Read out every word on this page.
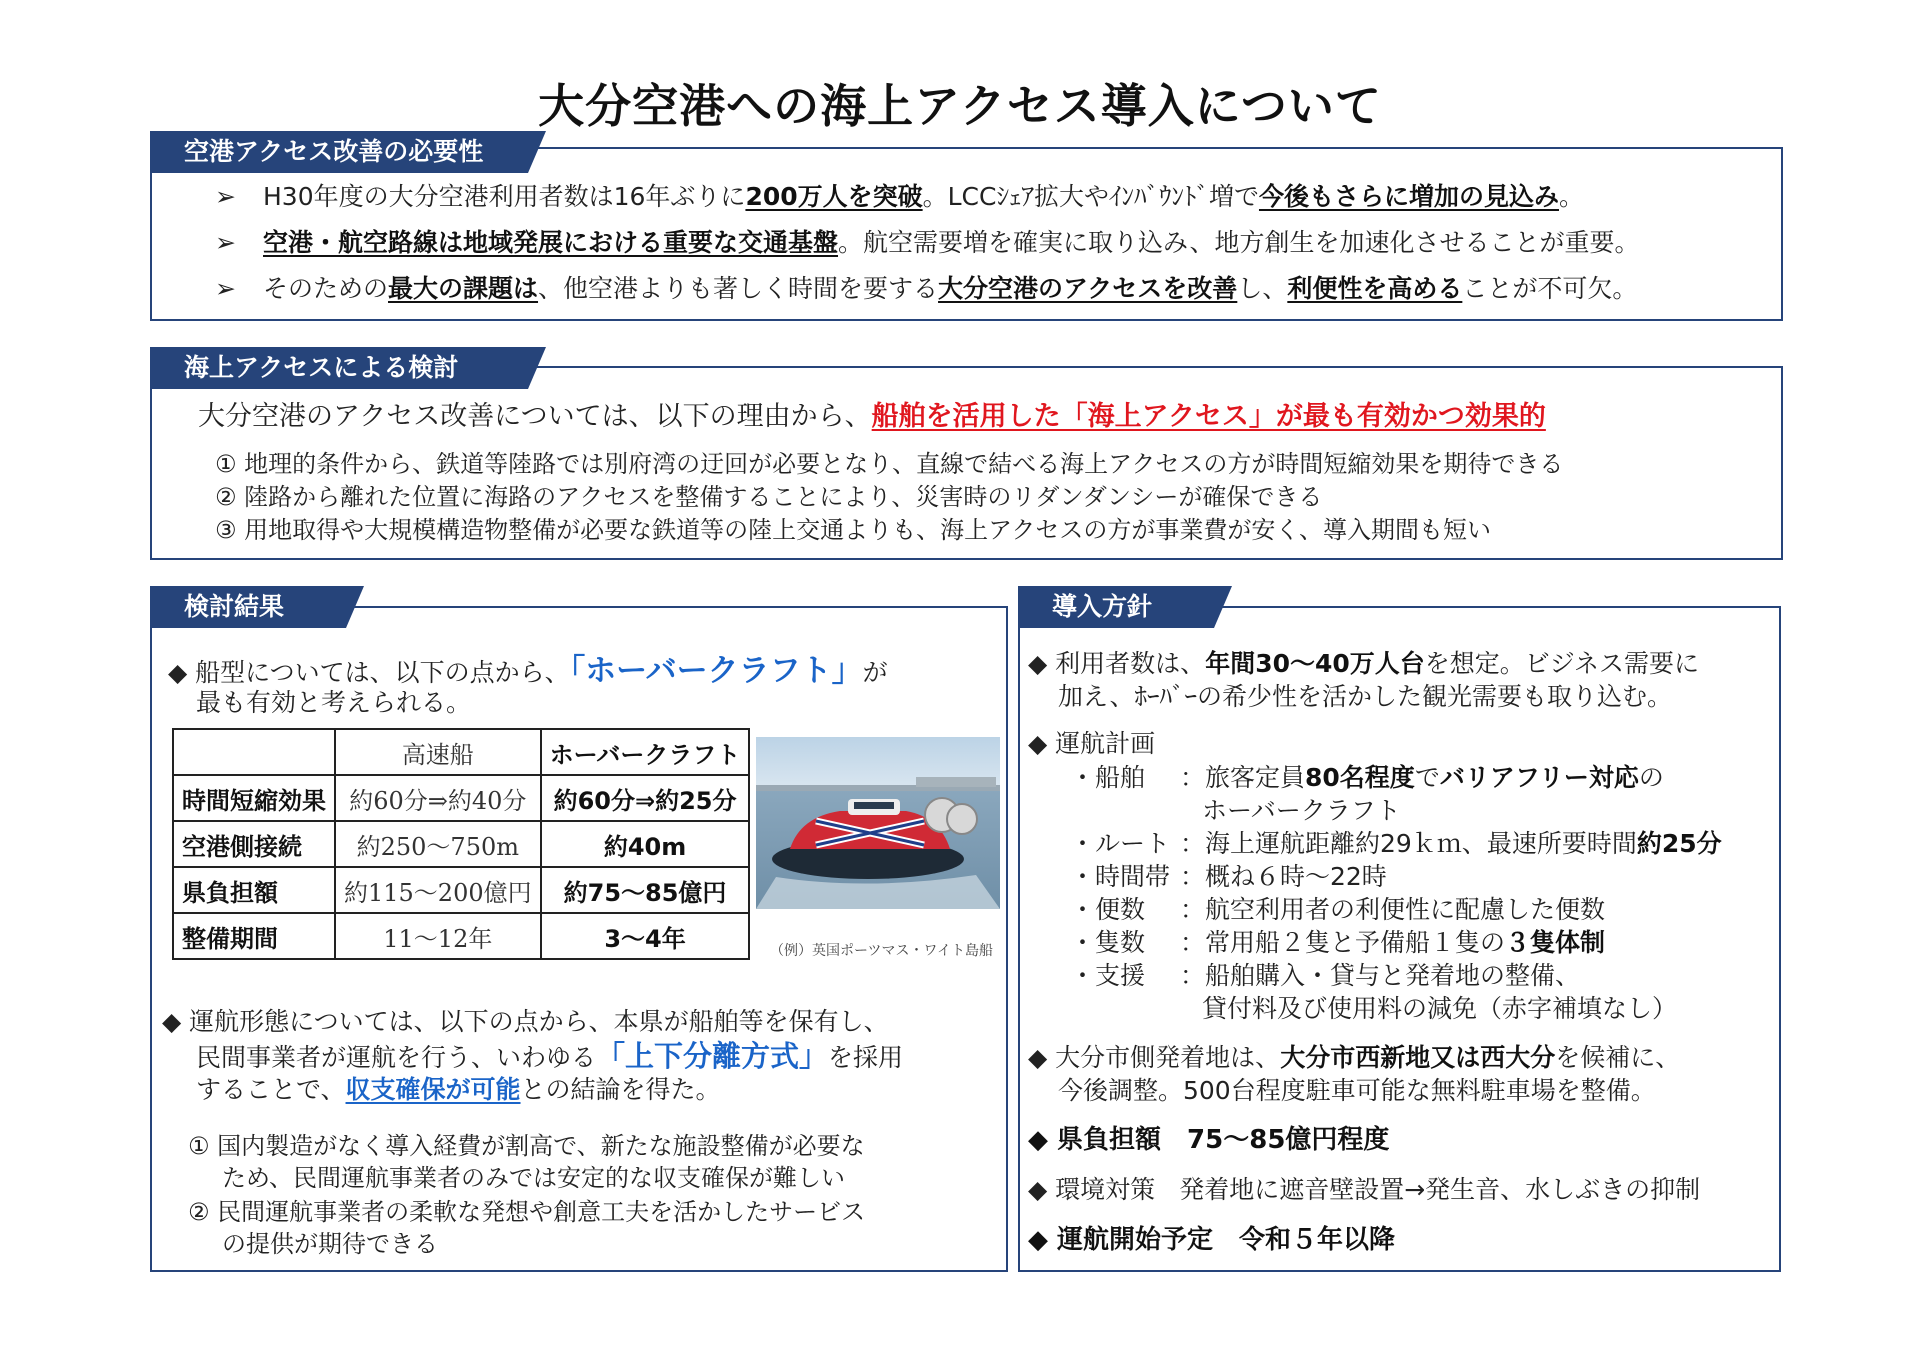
大分空港への海上アクセス導入について
空港アクセス改善の必要性
➢ H30年度の大分空港利用者数は16年ぶりに200万人を突破。LCCｼｪｱ拡大やｲﾝﾊﾞｳﾝﾄﾞ増で今後もさらに増加の見込み。
➢ 空港・航空路線は地域発展における重要な交通基盤。航空需要増を確実に取り込み、地方創生を加速化させることが重要。
➢ そのための最大の課題は、他空港よりも著しく時間を要する大分空港のアクセスを改善し、利便性を高めることが不可欠。
海上アクセスによる検討
大分空港のアクセス改善については、以下の理由から、船舶を活用した「海上アクセス」が最も有効かつ効果的
① 地理的条件から、鉄道等陸路では別府湾の迂回が必要となり、直線で結べる海上アクセスの方が時間短縮効果を期待できる
② 陸路から離れた位置に海路のアクセスを整備することにより、災害時のリダンダンシーが確保できる
③ 用地取得や大規模構造物整備が必要な鉄道等の陸上交通よりも、海上アクセスの方が事業費が安く、導入期間も短い
検討結果
◆ 船型については、以下の点から、「ホーバークラフト」が
最も有効と考えられる。
	高速船	ホーバークラフト
時間短縮効果	約60分⇒約40分	約60分⇒約25分
空港側接続	約250～750m	約40m
県負担額	約115～200億円	約75～85億円
整備期間	11～12年	3～4年	（例）英国ポーツマス・ワイト島船
◆ 運航形態については、以下の点から、本県が船舶等を保有し、
民間事業者が運航を行う、いわゆる「上下分離方式」を採用
することで、収支確保が可能との結論を得た。
① 国内製造がなく導入経費が割高で、新たな施設整備が必要な
ため、民間運航事業者のみでは安定的な収支確保が難しい
② 民間運航事業者の柔軟な発想や創意工夫を活かしたサービス
の提供が期待できる
導入方針
◆ 利用者数は、年間30～40万人台を想定。ビジネス需要に
加え、ﾎｰﾊﾞｰの希少性を活かした観光需要も取り込む。
◆ 運航計画
・船舶 ：旅客定員80名程度でバリアフリー対応の
ホーバークラフト
・ルート ：海上運航距離約29ｋｍ、最速所要時間約25分
・時間帯 ：概ね６時～22時
・便数 ：航空利用者の利便性に配慮した便数
・隻数 ：常用船２隻と予備船１隻の３隻体制
・支援 ：船舶購入・貸与と発着地の整備、
貸付料及び使用料の減免（赤字補填なし）
◆ 大分市側発着地は、大分市西新地又は西大分を候補に、
今後調整。500台程度駐車可能な無料駐車場を整備。
◆ 県負担額　75～85億円程度
◆ 環境対策 発着地に遮音壁設置→発生音、水しぶきの抑制
◆ 運航開始予定　令和５年以降
